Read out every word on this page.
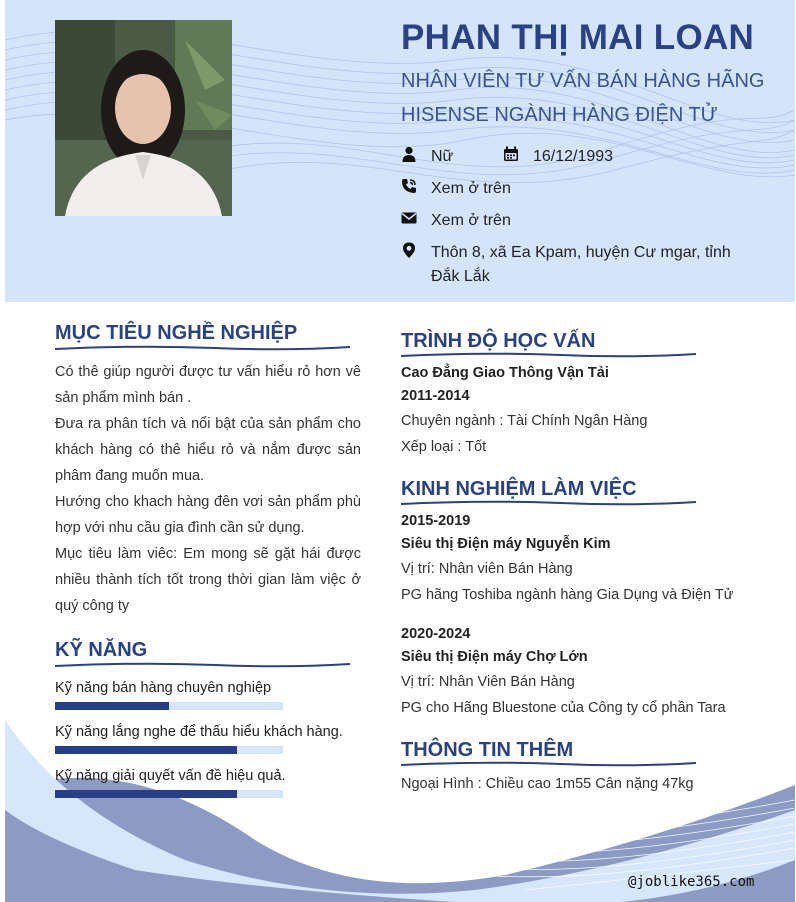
PHAN THỊ MAI LOAN

NHÂN VIÊN TƯ VẤN BÁN HÀNG HÃNG HISENSE NGÀNH HÀNG ĐIỆN TỬ

Nữ	16/12/1993
Xem ở trên
Xem ở trên
Thôn 8, xã Ea Kpam, huyện Cư mgar, tỉnh Đắk Lắk
MỤC TIÊU NGHỀ NGHIỆP

Có thê giúp người được tư vấn hiểu rỏ hơn vê sản phẩm mình bán .

Đưa ra phân tích và nổi bật của sản phẩm cho khách hàng có thê hiểu rỏ và nắm được sản phâm đang muốn mua.

Hướng cho khach hàng đên vơi sản phẩm phù hợp với nhu cầu gia đình cần sử dụng.

Mục tiêu làm viêc: Em mong sẽ gặt hái được nhiều thành tích tốt trong thời gian làm việc ở quý công ty

KỸ NĂNG
Kỹ năng bán hàng chuyên nghiệp
Kỹ năng lắng nghe để thấu hiểu khách hàng.
Kỹ năng giải quyết vấn đề hiệu quả.
TRÌNH ĐỘ HỌC VẤN
Cao Đẳng Giao Thông Vận Tải
2011-2014
Chuyên ngành : Tài Chính Ngân Hàng
Xếp loại : Tốt
KINH NGHIỆM LÀM VIỆC
2015-2019
Siêu thị Điện máy Nguyễn Kim
Vị trí: Nhân viên Bán Hàng
PG hãng Toshiba ngành hàng Gia Dụng và Điện Tử
2020-2024
Siêu thị Điện máy Chợ Lớn
Vị trí: Nhân Viên Bán Hàng
PG cho Hãng Bluestone của Công ty cổ phần Tara
THÔNG TIN THÊM
Ngoại Hình : Chiều cao 1m55 Cân nặng 47kg

@joblike365.com
